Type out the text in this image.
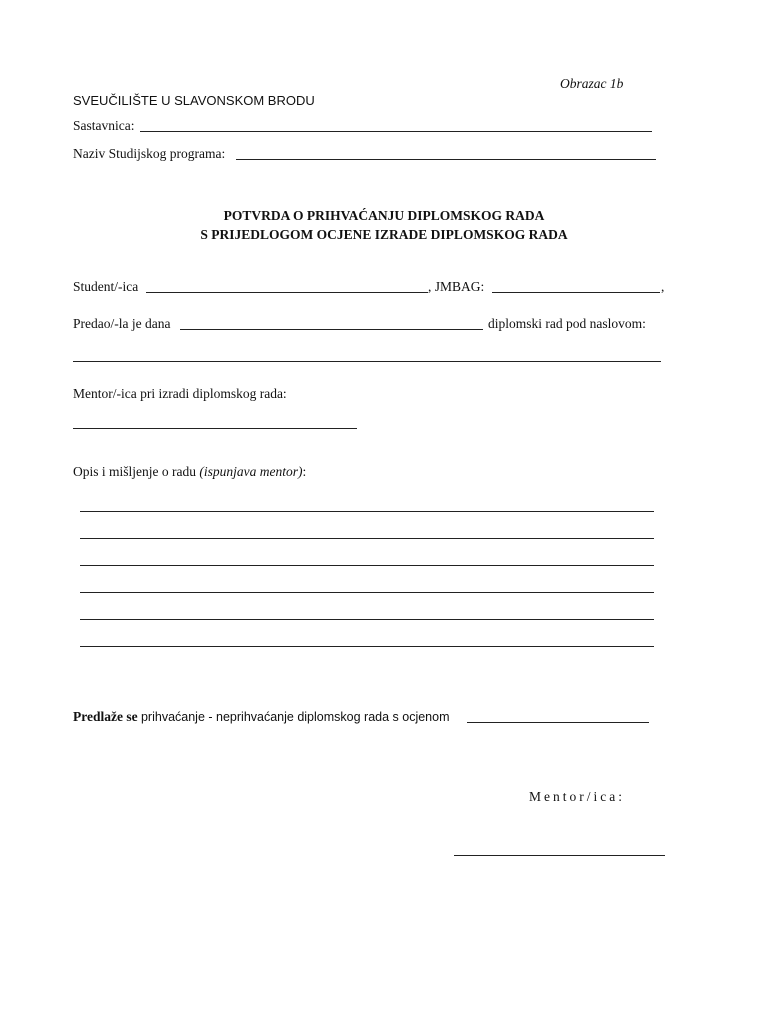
Obrazac 1b
SVEUČILIŠTE U SLAVONSKOM BRODU
Sastavnica:
Naziv Studijskog programa:
POTVRDA O PRIHVAĆANJU DIPLOMSKOG RADA
S PRIJEDLOGOM OCJENE IZRADE DIPLOMSKOG RADA
Student/-ica	, JMBAG:	,
Predao/-la je dana	diplomski rad pod naslovom:
Mentor/-ica pri izradi diplomskog rada:
Opis i mišljenje o radu (ispunjava mentor):
Predlaže se prihvaćanje - neprihvaćanje diplomskog rada s ocjenom
Mentor/ica:
